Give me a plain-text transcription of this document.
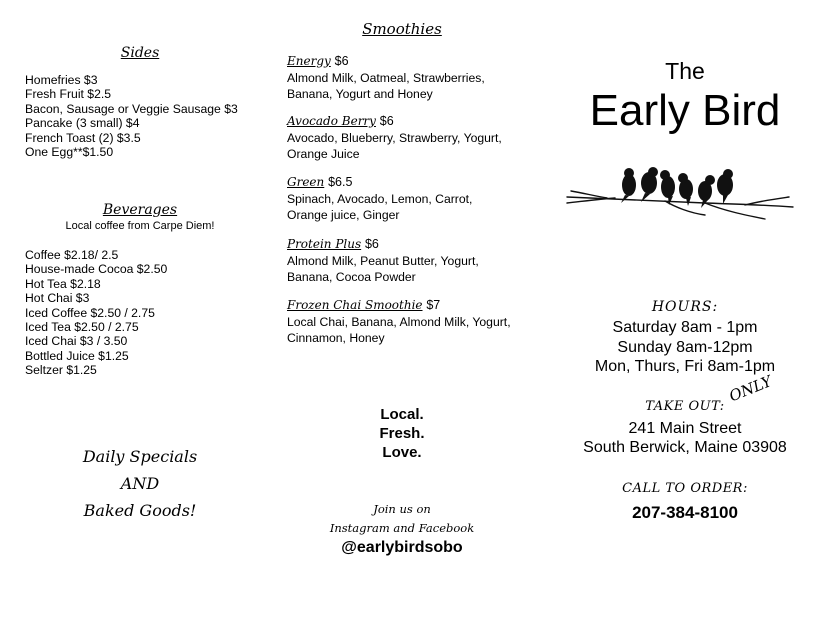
Sides
Homefries $3
Fresh Fruit $2.5
Bacon, Sausage or Veggie Sausage $3
Pancake (3 small) $4
French Toast (2) $3.5
One Egg**$1.50
Beverages
Local coffee from Carpe Diem!
Coffee $2.18/ 2.5
House-made Cocoa $2.50
Hot Tea $2.18
Hot Chai $3
Iced Coffee $2.50 / 2.75
Iced Tea $2.50 / 2.75
Iced Chai $3 / 3.50
Bottled Juice $1.25
Seltzer $1.25
Daily Specials
AND
Baked Goods!
Smoothies
Energy $6
Almond Milk, Oatmeal, Strawberries,
Banana, Yogurt and Honey
Avocado Berry $6
Avocado, Blueberry, Strawberry, Yogurt,
Orange Juice
Green $6.5
Spinach, Avocado, Lemon, Carrot,
Orange juice, Ginger
Protein Plus $6
Almond Milk, Peanut Butter, Yogurt,
Banana, Cocoa Powder
Frozen Chai Smoothie $7
Local Chai, Banana, Almond Milk, Yogurt,
Cinnamon, Honey
Local.
Fresh.
Love.
Join us on
Instagram and Facebook
@earlybirdsobo
The
Early Bird
HOURS:
Saturday 8am - 1pm
Sunday 8am-12pm
Mon, Thurs, Fri 8am-1pm
TAKE OUT:
ONLY
241 Main Street
South Berwick, Maine 03908
CALL TO ORDER:
207-384-8100
